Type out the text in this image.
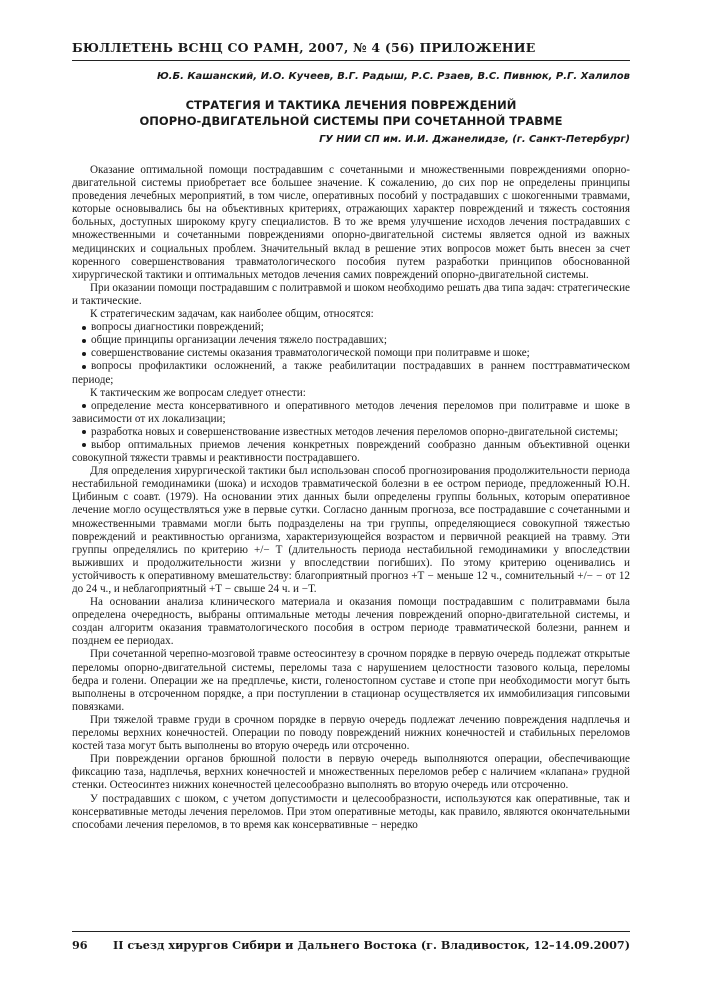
БЮЛЛЕТЕНЬ ВСНЦ СО РАМН, 2007, № 4 (56) ПРИЛОЖЕНИЕ
Ю.Б. Кашанский, И.О. Кучеев, В.Г. Радыш, Р.С. Рзаев, В.С. Пивнюк, Р.Г. Халилов
СТРАТЕГИЯ И ТАКТИКА ЛЕЧЕНИЯ ПОВРЕЖДЕНИЙ
ОПОРНО-ДВИГАТЕЛЬНОЙ СИСТЕМЫ ПРИ СОЧЕТАННОЙ ТРАВМЕ
ГУ НИИ СП им. И.И. Джанелидзе, (г. Санкт-Петербург)

Оказание оптимальной помощи пострадавшим с сочетанными и множественными повреждениями опорно-двигательной системы приобретает все большее значение. К сожалению, до сих пор не определены принципы проведения лечебных мероприятий, в том числе, оперативных пособий у пострадавших с шокогенными травмами, которые основывались бы на объективных критериях, отражающих характер повреждений и тяжесть состояния больных, доступных широкому кругу специалистов. В то же время улучшение исходов лечения пострадавших с множественными и сочетанными повреждениями опорно-двигательной системы является одной из важных медицинских и социальных проблем. Значительный вклад в решение этих вопросов может быть внесен за счет коренного совершенствования травматологического пособия путем разработки принципов обоснованной хирургической тактики и оптимальных методов лечения самих повреждений опорно-двигательной системы.

При оказании помощи пострадавшим с политравмой и шоком необходимо решать два типа задач: стратегические и тактические.

К стратегическим задачам, как наиболее общим, относятся:

вопросы диагностики повреждений;

общие принципы организации лечения тяжело пострадавших;

совершенствование системы оказания травматологической помощи при политравме и шоке;

вопросы профилактики осложнений, а также реабилитации пострадавших в раннем посттравматическом периоде;

К тактическим же вопросам следует отнести:

определение места консервативного и оперативного методов лечения переломов при политравме и шоке в зависимости от их локализации;

разработка новых и совершенствование известных методов лечения переломов опорно-двигательной системы;

выбор оптимальных приемов лечения конкретных повреждений сообразно данным объективной оценки совокупной тяжести травмы и реактивности пострадавшего.

Для определения хирургической тактики был использован способ прогнозирования продолжительности периода нестабильной гемодинамики (шока) и исходов травматической болезни в ее остром периоде, предложенный Ю.Н. Цибиным с соавт. (1979). На основании этих данных были определены группы больных, которым оперативное лечение могло осуществляться уже в первые сутки. Согласно данным прогноза, все пострадавшие с сочетанными и множественными травмами могли быть подразделены на три группы, определяющиеся совокупной тяжестью повреждений и реактивностью организма, характеризующейся возрастом и первичной реакцией на травму. Эти группы определялись по критерию +/− Т (длительность периода нестабильной гемодинамики у впоследствии выживших и продолжительности жизни у впоследствии погибших). По этому критерию оценивались и устойчивость к оперативному вмешательству: благоприятный прогноз +Т − меньше 12 ч., сомнительный +/− − от 12 до 24 ч., и неблагоприятный +Т − свыше 24 ч. и −Т.

На основании анализа клинического материала и оказания помощи пострадавшим с политравмами была определена очередность, выбраны оптимальные методы лечения повреждений опорно-двигательной системы, и создан алгоритм оказания травматологического пособия в остром периоде травматической болезни, раннем и позднем ее периодах.

При сочетанной черепно-мозговой травме остеосинтезу в срочном порядке в первую очередь подлежат открытые переломы опорно-двигательной системы, переломы таза с нарушением целостности тазового кольца, переломы бедра и голени. Операции же на предплечье, кисти, голеностопном суставе и стопе при необходимости могут быть выполнены в отсроченном порядке, а при поступлении в стационар осуществляется их иммобилизация гипсовыми повязками.

При тяжелой травме груди в срочном порядке в первую очередь подлежат лечению повреждения надплечья и переломы верхних конечностей. Операции по поводу повреждений нижних конечностей и стабильных переломов костей таза могут быть выполнены во вторую очередь или отсроченно.

При повреждении органов брюшной полости в первую очередь выполняются операции, обеспечивающие фиксацию таза, надплечья, верхних конечностей и множественных переломов ребер с наличием «клапана» грудной стенки. Остеосинтез нижних конечностей целесообразно выполнять во вторую очередь или отсроченно.

У пострадавших с шоком, с учетом допустимости и целесообразности, используются как оперативные, так и консервативные методы лечения переломов. При этом оперативные методы, как правило, являются окончательными способами лечения переломов, в то время как консервативные − нередко

96 II съезд хирургов Сибири и Дальнего Востока (г. Владивосток, 12–14.09.2007)
